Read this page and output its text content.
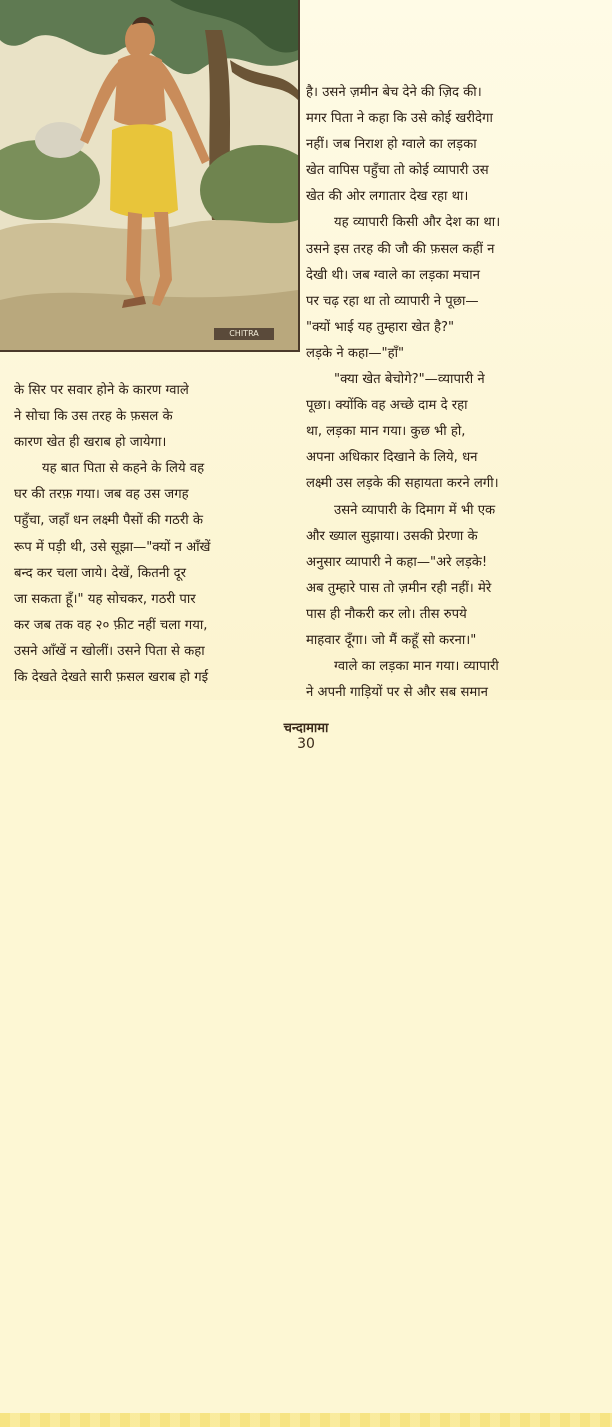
CHITRA

है। उसने ज़मीन बेच देने की ज़िद की।

मगर पिता ने कहा कि उसे कोई खरीदेगा

नहीं। जब निराश हो ग्वाले का लड़का

खेत वापिस पहुँचा तो कोई व्यापारी उस

खेत की ओर लगातार देख रहा था।

यह व्यापारी किसी और देश का था।

उसने इस तरह की जौ की फ़सल कहीं न

देखी थी। जब ग्वाले का लड़का मचान

पर चढ़ रहा था तो व्यापारी ने पूछा—

"क्यों भाई यह तुम्हारा खेत है?"

लड़के ने कहा—"हाँ"

"क्या खेत बेचोगे?"—व्यापारी ने

पूछा। क्योंकि वह अच्छे दाम दे रहा

था, लड़का मान गया। कुछ भी हो,

अपना अधिकार दिखाने के लिये, धन

लक्ष्मी उस लड़के की सहायता करने लगी।

उसने व्यापारी के दिमाग में भी एक

और ख्याल सुझाया। उसकी प्रेरणा के

अनुसार व्यापारी ने कहा—"अरे लड़के!

अब तुम्हारे पास तो ज़मीन रही नहीं। मेरे

पास ही नौकरी कर लो। तीस रुपये

माहवार दूँगा। जो मैं कहूँ सो करना।"

ग्वाले का लड़का मान गया। व्यापारी

ने अपनी गाड़ियों पर से और सब समान

के सिर पर सवार होने के कारण ग्वाले

ने सोचा कि उस तरह के फ़सल के

कारण खेत ही खराब हो जायेगा।

यह बात पिता से कहने के लिये वह

घर की तरफ़ गया। जब वह उस जगह

पहुँचा, जहाँ धन लक्ष्मी पैसों की गठरी के

रूप में पड़ी थी, उसे सूझा—"क्यों न आँखें

बन्द कर चला जाये। देखें, कितनी दूर

जा सकता हूँ।" यह सोचकर, गठरी पार

कर जब तक वह २० फ़ीट नहीं चला गया,

उसने आँखें न खोलीं। उसने पिता से कहा

कि देखते देखते सारी फ़सल खराब हो गई

चन्दामामा
30
